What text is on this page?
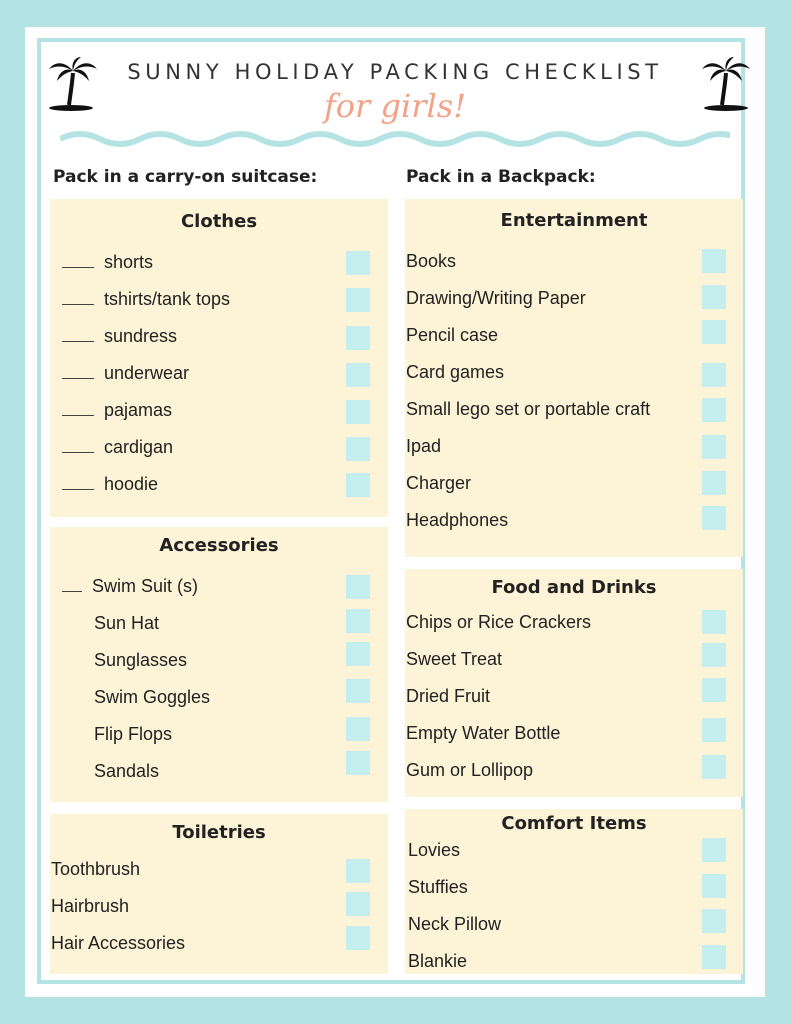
SUNNY HOLIDAY PACKING CHECKLIST
for girls!
Pack in a carry-on suitcase:	Pack in a Backpack:
Clothes
shorts
tshirts/tank tops
sundress
underwear
pajamas
cardigan
hoodie
Accessories
Swim Suit (s)
Sun Hat
Sunglasses
Swim Goggles
Flip Flops
Sandals
Toiletries
Toothbrush
Hairbrush
Hair Accessories
Entertainment
Books
Drawing/Writing Paper
Pencil case
Card games
Small lego set or portable craft
Ipad
Charger
Headphones
Food and Drinks
Chips or Rice Crackers
Sweet Treat
Dried Fruit
Empty Water Bottle
Gum or Lollipop
Comfort Items
Lovies
Stuffies
Neck Pillow
Blankie
